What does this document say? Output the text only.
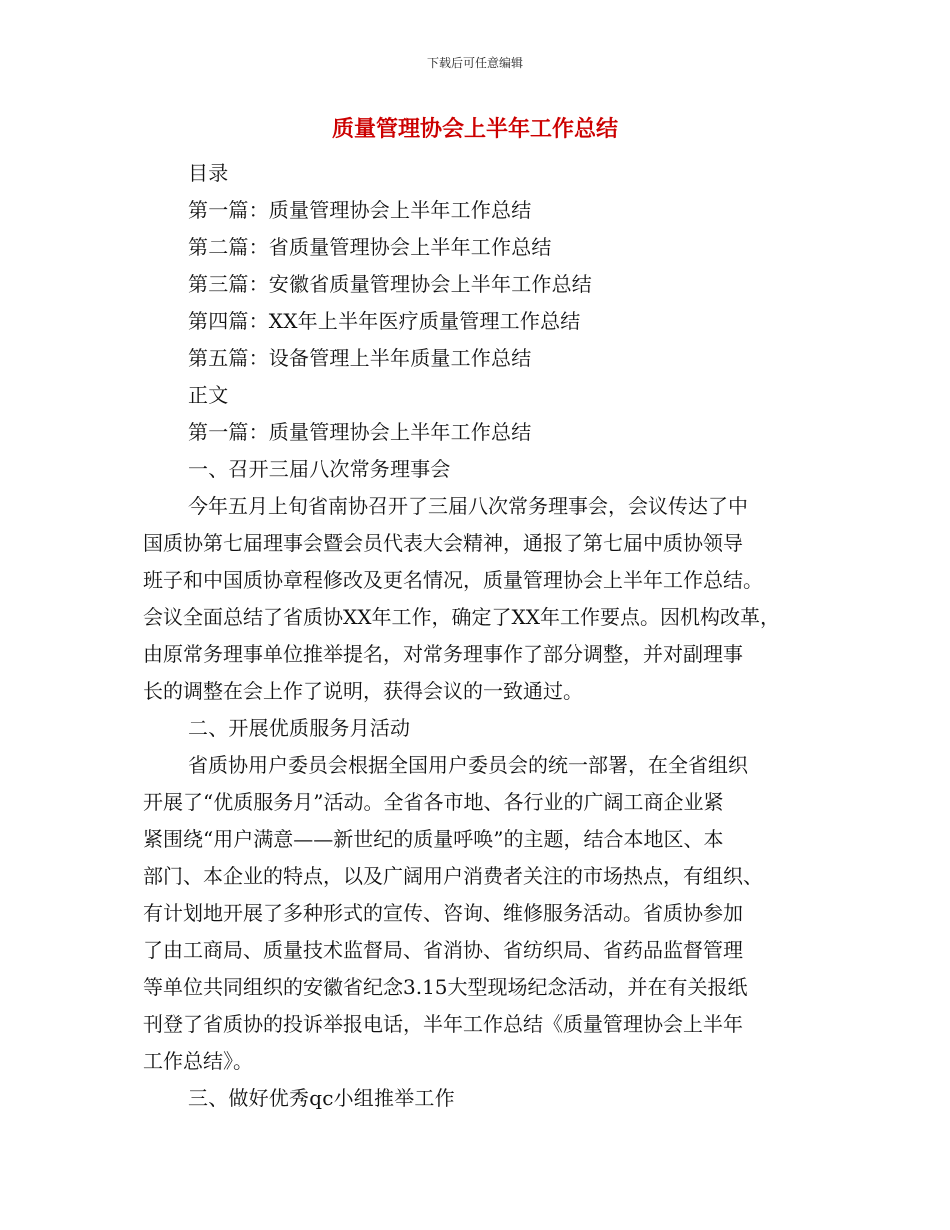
下载后可任意编辑
质量管理协会上半年工作总结
目录
第一篇：质量管理协会上半年工作总结
第二篇：省质量管理协会上半年工作总结
第三篇：安徽省质量管理协会上半年工作总结
第四篇：XX年上半年医疗质量管理工作总结
第五篇：设备管理上半年质量工作总结
正文
第一篇：质量管理协会上半年工作总结
一、召开三届八次常务理事会
今年五月上旬省南协召开了三届八次常务理事会，会议传达了中
国质协第七届理事会暨会员代表大会精神，通报了第七届中质协领导
班子和中国质协章程修改及更名情况，质量管理协会上半年工作总结。
会议全面总结了省质协XX年工作，确定了XX年工作要点。因机构改革，
由原常务理事单位推举提名，对常务理事作了部分调整，并对副理事
长的调整在会上作了说明，获得会议的一致通过。
二、开展优质服务月活动
省质协用户委员会根据全国用户委员会的统一部署，在全省组织
开展了“优质服务月”活动。全省各市地、各行业的广阔工商企业紧
紧围绕“用户满意——新世纪的质量呼唤”的主题，结合本地区、本
部门、本企业的特点，以及广阔用户消费者关注的市场热点，有组织、
有计划地开展了多种形式的宣传、咨询、维修服务活动。省质协参加
了由工商局、质量技术监督局、省消协、省纺织局、省药品监督管理
等单位共同组织的安徽省纪念3.15大型现场纪念活动，并在有关报纸
刊登了省质协的投诉举报电话，半年工作总结《质量管理协会上半年
工作总结》。
三、做好优秀qc小组推举工作
